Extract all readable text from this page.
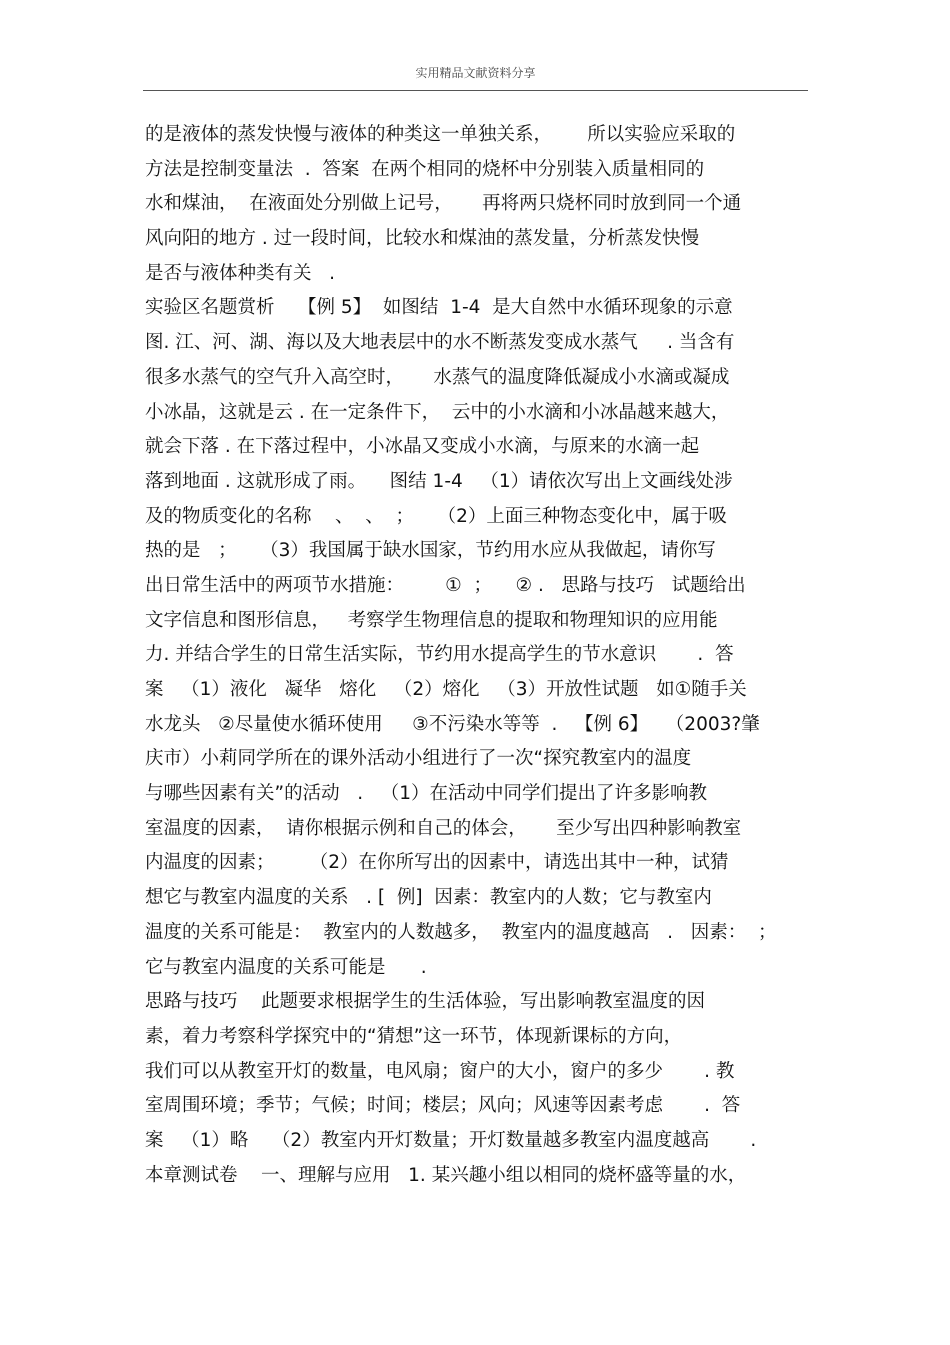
实用精品文献资料分享
的是液体的蒸发快慢与液体的种类这一单独关系，      所以实验应采取的
方法是控制变量法  .  答案  在两个相同的烧杯中分别装入质量相同的
水和煤油，  在液面处分别做上记号，     再将两只烧杯同时放到同一个通
风向阳的地方 . 过一段时间，比较水和煤油的蒸发量，分析蒸发快慢
是否与液体种类有关   .
实验区名题赏析    【例 5】  如图结  1-4  是大自然中水循环现象的示意
图. 江、河、湖、海以及大地表层中的水不断蒸发变成水蒸气     . 当含有
很多水蒸气的空气升入高空时，     水蒸气的温度降低凝成小水滴或凝成
小冰晶，这就是云 . 在一定条件下，  云中的小水滴和小冰晶越来越大，
就会下落 . 在下落过程中，小冰晶又变成小水滴，与原来的水滴一起
落到地面 . 这就形成了雨。    图结 1-4   （1）请依次写出上文画线处涉
及的物质变化的名称    、  、  ；    （2）上面三种物态变化中，属于吸
热的是   ；    （3）我国属于缺水国家，节约用水应从我做起，请你写
出日常生活中的两项节水措施：       ①  ；    ② .   思路与技巧   试题给出
文字信息和图形信息，   考察学生物理信息的提取和物理知识的应用能
力. 并结合学生的日常生活实际，节约用水提高学生的节水意识       .  答
案   （1）液化   凝华   熔化   （2）熔化   （3）开放性试题   如①随手关
水龙头   ②尽量使水循环使用     ③不污染水等等  .   【例 6】   （2003?肇
庆市）小莉同学所在的课外活动小组进行了一次“探究教室内的温度
与哪些因素有关”的活动   .   （1）在活动中同学们提出了许多影响教
室温度的因素，  请你根据示例和自己的体会，     至少写出四种影响教室
内温度的因素；      （2）在你所写出的因素中，请选出其中一种，试猜
想它与教室内温度的关系   . [  例]  因素：教室内的人数；它与教室内
温度的关系可能是：  教室内的人数越多，  教室内的温度越高   .   因素：  ；
它与教室内温度的关系可能是      .
思路与技巧    此题要求根据学生的生活体验，写出影响教室温度的因
素，着力考察科学探究中的“猜想”这一环节，体现新课标的方向，
我们可以从教室开灯的数量，电风扇；窗户的大小，窗户的多少       . 教
室周围环境；季节；气候；时间；楼层；风向；风速等因素考虑       .  答
案   （1）略    （2）教室内开灯数量；开灯数量越多教室内温度越高       .
本章测试卷    一、理解与应用   1. 某兴趣小组以相同的烧杯盛等量的水，
